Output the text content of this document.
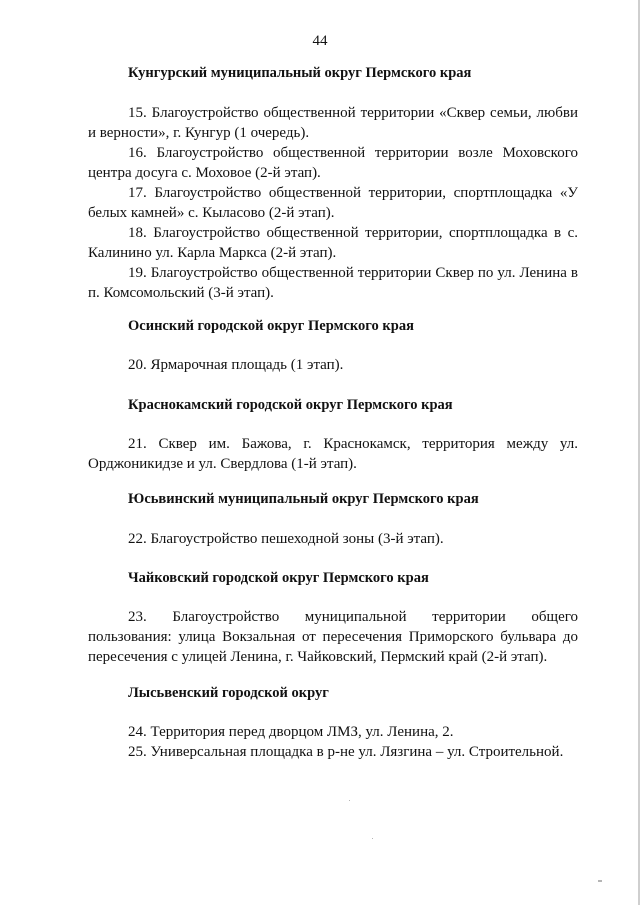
44
Кунгурский муниципальный округ Пермского края

15. Благоустройство общественной территории «Сквер семьи, любви и верности», г. Кунгур (1 очередь).

16. Благоустройство общественной территории возле Моховского центра досуга с. Моховое (2-й этап).

17. Благоустройство общественной территории, спортплощадка «У белых камней» с. Кыласово (2-й этап).

18. Благоустройство общественной территории, спортплощадка в с. Калинино ул. Карла Маркса (2-й этап).

19. Благоустройство общественной территории Сквер по ул. Ленина в п. Комсомольский (3-й этап).

Осинский городской округ Пермского края
20. Ярмарочная площадь (1 этап).
Краснокамский городской округ Пермского края

21. Сквер им. Бажова, г. Краснокамск, территория между ул. Орджоникидзе и ул. Свердлова (1-й этап).

Юсьвинский муниципальный округ Пермского края
22. Благоустройство пешеходной зоны (3-й этап).
Чайковский городской округ Пермского края

23. Благоустройство муниципальной территории общего пользования: улица Вокзальная от пересечения Приморского бульвара до пересечения с улицей Ленина, г. Чайковский, Пермский край (2-й этап).

Лысьвенский городской округ
24. Территория перед дворцом ЛМЗ, ул. Ленина, 2.
25. Универсальная площадка в р-не ул. Лязгина – ул. Строительной.
